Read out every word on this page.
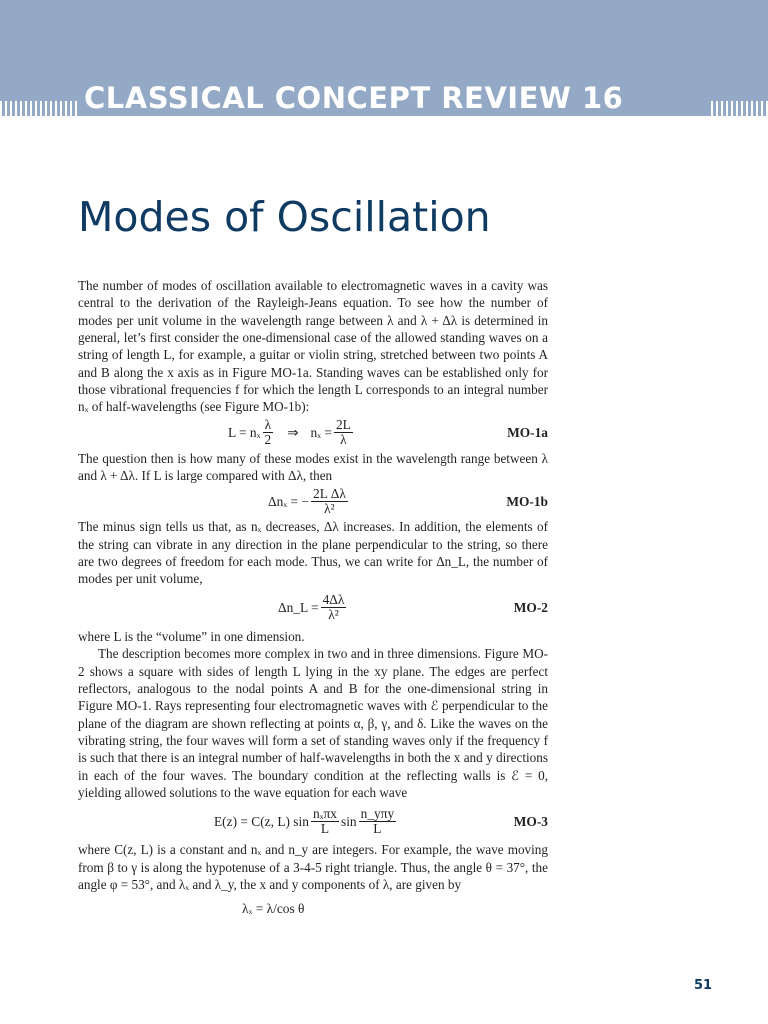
CLASSICAL CONCEPT REVIEW 16
Modes of Oscillation

The number of modes of oscillation available to electromagnetic waves in a cavity was central to the derivation of the Rayleigh-Jeans equation. To see how the number of modes per unit volume in the wavelength range between λ and λ + Δλ is determined in general, let’s first consider the one-dimensional case of the allowed standing waves on a string of length L, for example, a guitar or violin string, stretched between two points A and B along the x axis as in Figure MO-1a. Standing waves can be established only for those vibrational frequencies f for which the length L corresponds to an integral number nₓ of half-wavelengths (see Figure MO-1b):

L = nₓ $\frac{\lambda}{2}$ ⇒ $n_x = \frac{2L}{\lambda}$	MO-1a

The question then is how many of these modes exist in the wavelength range between λ and λ + Δλ. If L is large compared with Δλ, then

Δnₓ = − $\frac{\text{2L Δλ}}{\text{λ²}}$	MO-1b

The minus sign tells us that, as nₓ decreases, Δλ increases. In addition, the elements of the string can vibrate in any direction in the plane perpendicular to the string, so there are two degrees of freedom for each mode. Thus, we can write for Δn_L, the number of modes per unit volume,

Δn_L = $\frac{4\Delta\lambda}{\text{λ²}}$	MO-2

where L is the “volume” in one dimension.

The description becomes more complex in two and in three dimensions. Figure MO-2 shows a square with sides of length L lying in the xy plane. The edges are perfect reflectors, analogous to the nodal points A and B for the one-dimensional string in Figure MO-1. Rays representing four electromagnetic waves with ℰ perpendicular to the plane of the diagram are shown reflecting at points α, β, γ, and δ. Like the waves on the vibrating string, the four waves will form a set of standing waves only if the frequency f is such that there is an integral number of half-wavelengths in both the x and y directions in each of the four waves. The boundary condition at the reflecting walls is ℰ = 0, yielding allowed solutions to the wave equation for each wave

E(z) = C(z, L) $\sin \frac{\text{nₓπx}}{L}$ $\sin \frac{\text{n\_yπy}}{L}$	MO-3

where C(z, L) is a constant and nₓ and n_y are integers. For example, the wave moving from β to γ is along the hypotenuse of a 3-4-5 right triangle. Thus, the angle θ = 37°, the angle φ = 53°, and λₓ and λ_y, the x and y components of λ, are given by

λₓ = λ/cos θ
51
